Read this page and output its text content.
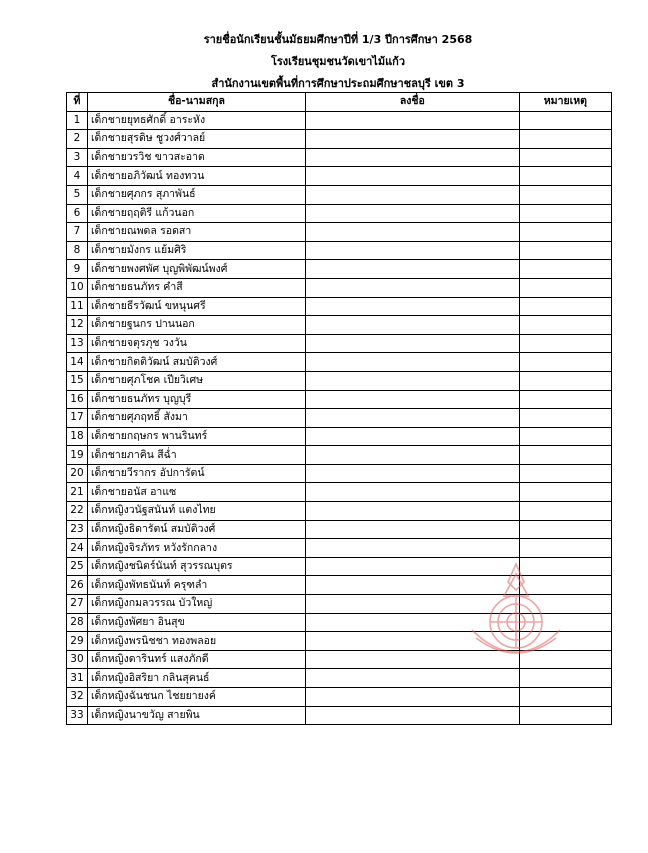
รายชื่อนักเรียนชั้นมัธยมศึกษาปีที่ 1/3 ปีการศึกษา 2568
โรงเรียนชุมชนวัดเขาไม้แก้ว
สำนักงานเขตพื้นที่การศึกษาประถมศึกษาชลบุรี เขต 3
ที่	ชื่อ-นามสกุล	ลงชื่อ	หมายเหตุ
1	เด็กชายยุทธศักดิ์ อาระหัง		
2	เด็กชายสุรดิษ ชูวงศ์วาลย์		
3	เด็กชายวรวิช ขาวสะอาด		
4	เด็กชายอภิวัฒน์ ทองทวน		
5	เด็กชายศุภกร สุภาพันธ์		
6	เด็กชายฤฤติรี แก้วนอก		
7	เด็กชายณพดล รอดสา		
8	เด็กชายมังกร แย้มศิริ		
9	เด็กชายพงศพัศ บุญพิพัฒน์พงศ์		
10	เด็กชายธนภัทร คำสี		
11	เด็กชายธีรวัฒน์ ขหนุนศรี		
12	เด็กชายฐนกร ปานนอก		
13	เด็กชายจตุรภุช วงวัน		
14	เด็กชายกิตติวัฒน์ สมบัติวงศ์		
15	เด็กชายศุภโชค เปียวิเศษ		
16	เด็กชายธนภัทร บุญบุรี		
17	เด็กชายศุภฤทธิ์ สังมา		
18	เด็กชายกฤษกร พานรินทร์		
19	เด็กชายภาคิน สีฉ่ำ		
20	เด็กชายวีรากร อัปการัตน์		
21	เด็กชายอนัส อาแซ		
22	เด็กหญิงวนัฐสนันท์ แตงไทย		
23	เด็กหญิงธิดารัตน์ สมบัติวงศ์		
24	เด็กหญิงจิรภัทร หวังรักกลาง		
25	เด็กหญิงชนิตร์นันท์ สุวรรณบุตร		
26	เด็กหญิงพัทธนันท์ ครุฑลำ		
27	เด็กหญิงกมลวรรณ บัวใหญ่		
28	เด็กหญิงพัศยา อินสุข		
29	เด็กหญิงพรนิชชา ทองพลอย		
30	เด็กหญิงดารินทร์ แสงภักดี		
31	เด็กหญิงอิสริยา กลินสุคนธ์		
32	เด็กหญิงฉันชนก ไชยยายงค์		
33	เด็กหญิงนาขวัญ สายพิน		
